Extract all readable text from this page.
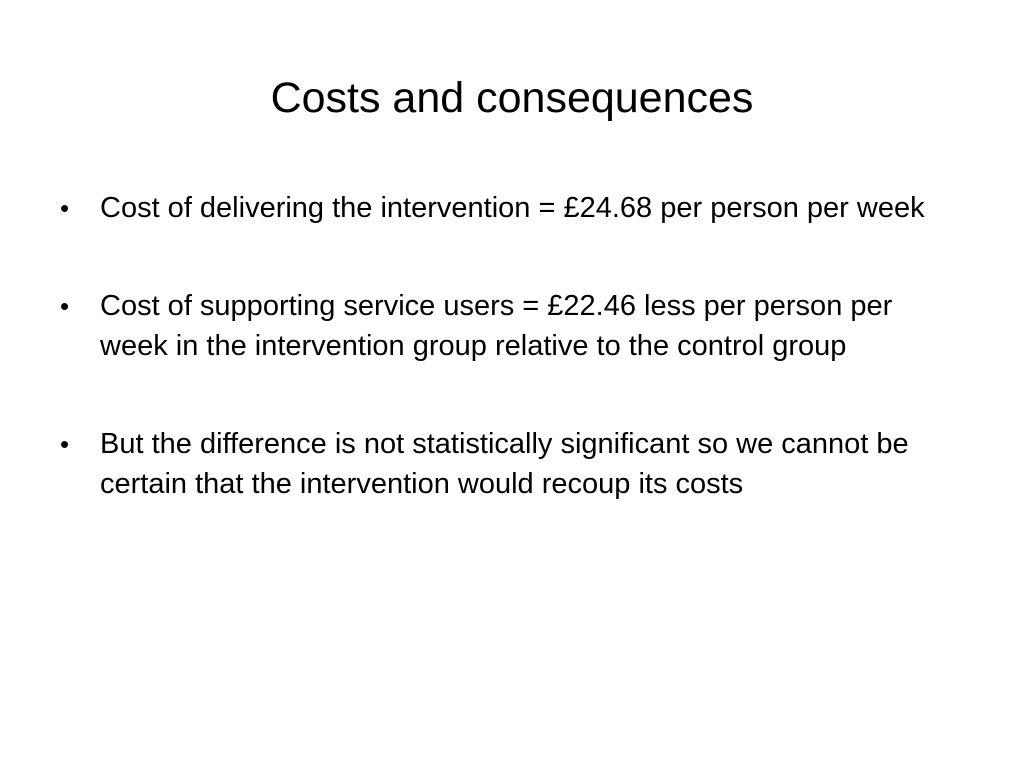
Costs and consequences
•	Cost of delivering the intervention = £24.68 per person per week
•	Cost of supporting service users = £22.46 less per person per week in the intervention group relative to the control group
•	But the difference is not statistically significant so we cannot be certain that the intervention would recoup its costs
